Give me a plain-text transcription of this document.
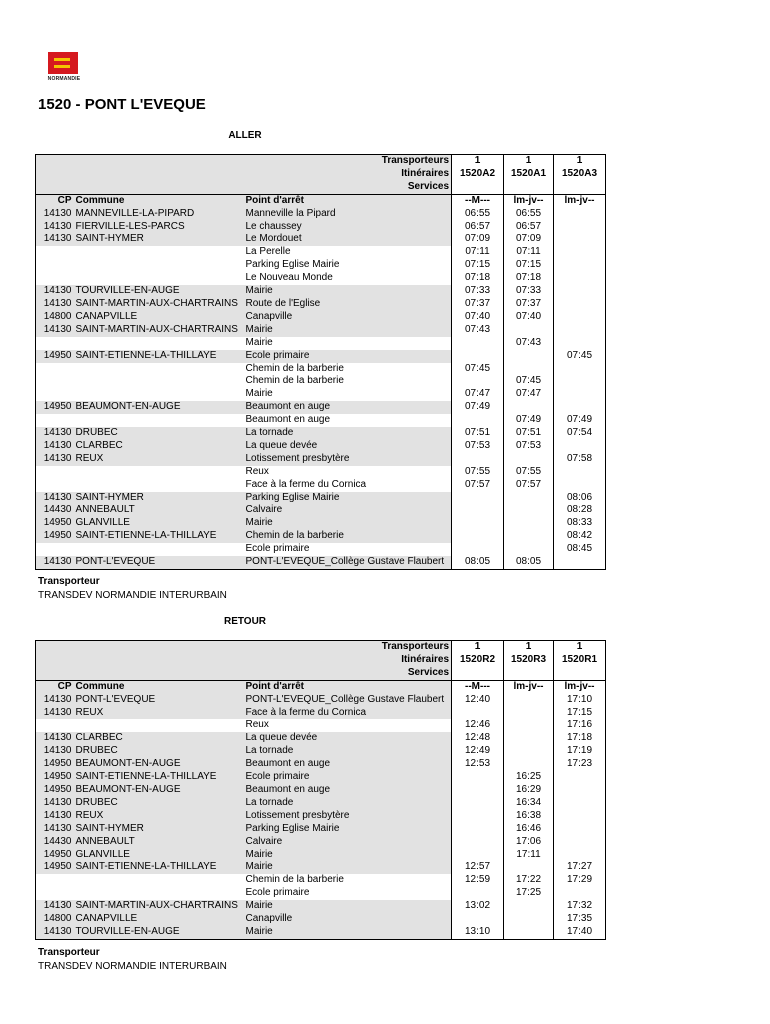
NORMANDIE
1520 - PONT L'EVEQUE
ALLER
Transporteurs			1	1	1
Itinéraires			1520A2	1520A1	1520A3
Services					
CP	Commune	Point d'arrêt	--M---	lm-jv--	lm-jv--
14130	MANNEVILLE-LA-PIPARD	Manneville la Pipard	06:55	06:55	
14130	FIERVILLE-LES-PARCS	Le chaussey	06:57	06:57	
14130	SAINT-HYMER	Le Mordouet	07:09	07:09	
		La Perelle	07:11	07:11	
		Parking Eglise Mairie	07:15	07:15	
		Le Nouveau Monde	07:18	07:18	
14130	TOURVILLE-EN-AUGE	Mairie	07:33	07:33	
14130	SAINT-MARTIN-AUX-CHARTRAINS	Route de l'Eglise	07:37	07:37	
14800	CANAPVILLE	Canapville	07:40	07:40	
14130	SAINT-MARTIN-AUX-CHARTRAINS	Mairie	07:43		
		Mairie		07:43	
14950	SAINT-ETIENNE-LA-THILLAYE	Ecole primaire			07:45
		Chemin de la barberie	07:45		
		Chemin de la barberie		07:45	
		Mairie	07:47	07:47	
14950	BEAUMONT-EN-AUGE	Beaumont en auge	07:49		
		Beaumont en auge		07:49	07:49
14130	DRUBEC	La tornade	07:51	07:51	07:54
14130	CLARBEC	La queue devée	07:53	07:53	
14130	REUX	Lotissement presbytère			07:58
		Reux	07:55	07:55	
		Face à la ferme du Cornica	07:57	07:57	
14130	SAINT-HYMER	Parking Eglise Mairie			08:06
14430	ANNEBAULT	Calvaire			08:28
14950	GLANVILLE	Mairie			08:33
14950	SAINT-ETIENNE-LA-THILLAYE	Chemin de la barberie			08:42
		Ecole primaire			08:45
14130	PONT-L'EVEQUE	PONT-L'EVEQUE_Collège Gustave Flaubert	08:05	08:05	
Transporteur
TRANSDEV NORMANDIE INTERURBAIN
RETOUR
Transporteurs			1	1	1
Itinéraires			1520R2	1520R3	1520R1
Services					
CP	Commune	Point d'arrêt	--M---	lm-jv--	lm-jv--
14130	PONT-L'EVEQUE	PONT-L'EVEQUE_Collège Gustave Flaubert	12:40		17:10
14130	REUX	Face à la ferme du Cornica			17:15
		Reux	12:46		17:16
14130	CLARBEC	La queue devée	12:48		17:18
14130	DRUBEC	La tornade	12:49		17:19
14950	BEAUMONT-EN-AUGE	Beaumont en auge	12:53		17:23
14950	SAINT-ETIENNE-LA-THILLAYE	Ecole primaire		16:25	
14950	BEAUMONT-EN-AUGE	Beaumont en auge		16:29	
14130	DRUBEC	La tornade		16:34	
14130	REUX	Lotissement presbytère		16:38	
14130	SAINT-HYMER	Parking Eglise Mairie		16:46	
14430	ANNEBAULT	Calvaire		17:06	
14950	GLANVILLE	Mairie		17:11	
14950	SAINT-ETIENNE-LA-THILLAYE	Mairie	12:57		17:27
		Chemin de la barberie	12:59	17:22	17:29
		Ecole primaire		17:25	
14130	SAINT-MARTIN-AUX-CHARTRAINS	Mairie	13:02		17:32
14800	CANAPVILLE	Canapville			17:35
14130	TOURVILLE-EN-AUGE	Mairie	13:10		17:40
Transporteur
TRANSDEV NORMANDIE INTERURBAIN
